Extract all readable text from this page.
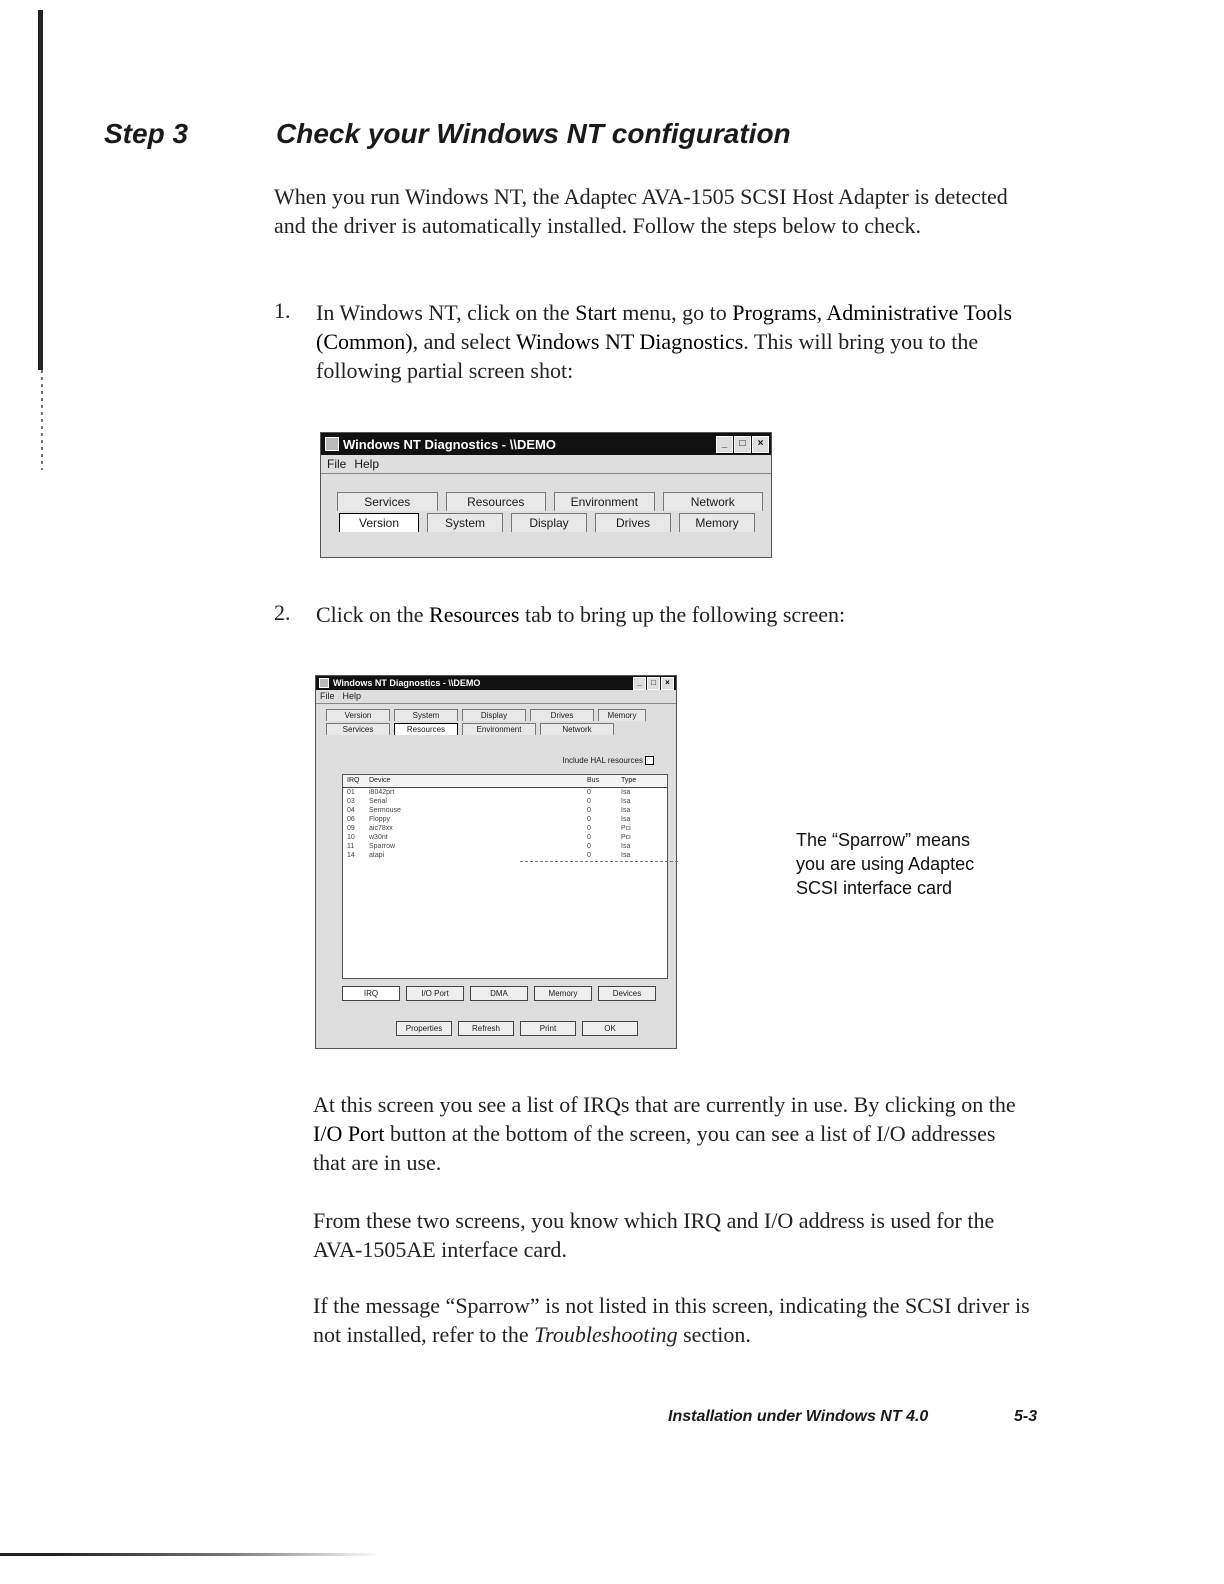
Step 3	Check your Windows NT configuration
When you run Windows NT, the Adaptec AVA-1505 SCSI Host Adapter is detected and the driver is automatically installed. Follow the steps below to check.
1. In Windows NT, click on the Start menu, go to Programs, Administrative Tools (Common), and select Windows NT Diagnostics. This will bring you to the following partial screen shot:
Windows NT Diagnostics - \\DEMO	_	□	×
File Help
Services	Resources	Environment	Network
Version	System	Display	Drives	Memory
2. Click on the Resources tab to bring up the following screen:
Windows NT Diagnostics - \\DEMO	_	□	×
File Help
Version	System	Display	Drives	Memory
Services	Resources	Environment	Network
Include HAL resources
IRQ	Device	Bus	Type
01	i8042prt	0	Isa
03	Serial	0	Isa
04	Sermouse	0	Isa
06	Floppy	0	Isa
09	aic78xx	0	Pci
10	w30nt	0	Pci
11	Sparrow	0	Isa
14	atapi	0	Isa
IRQ	I/O Port	DMA	Memory	Devices
Properties	Refresh	Print	OK
The “Sparrow” means
you are using Adaptec
SCSI interface card
At this screen you see a list of IRQs that are currently in use. By clicking on the I/O Port button at the bottom of the screen, you can see a list of I/O addresses that are in use.
From these two screens, you know which IRQ and I/O address is used for the AVA-1505AE interface card.
If the message “Sparrow” is not listed in this screen, indicating the SCSI driver is not installed, refer to the Troubleshooting section.
Installation under Windows NT 4.0	5-3
